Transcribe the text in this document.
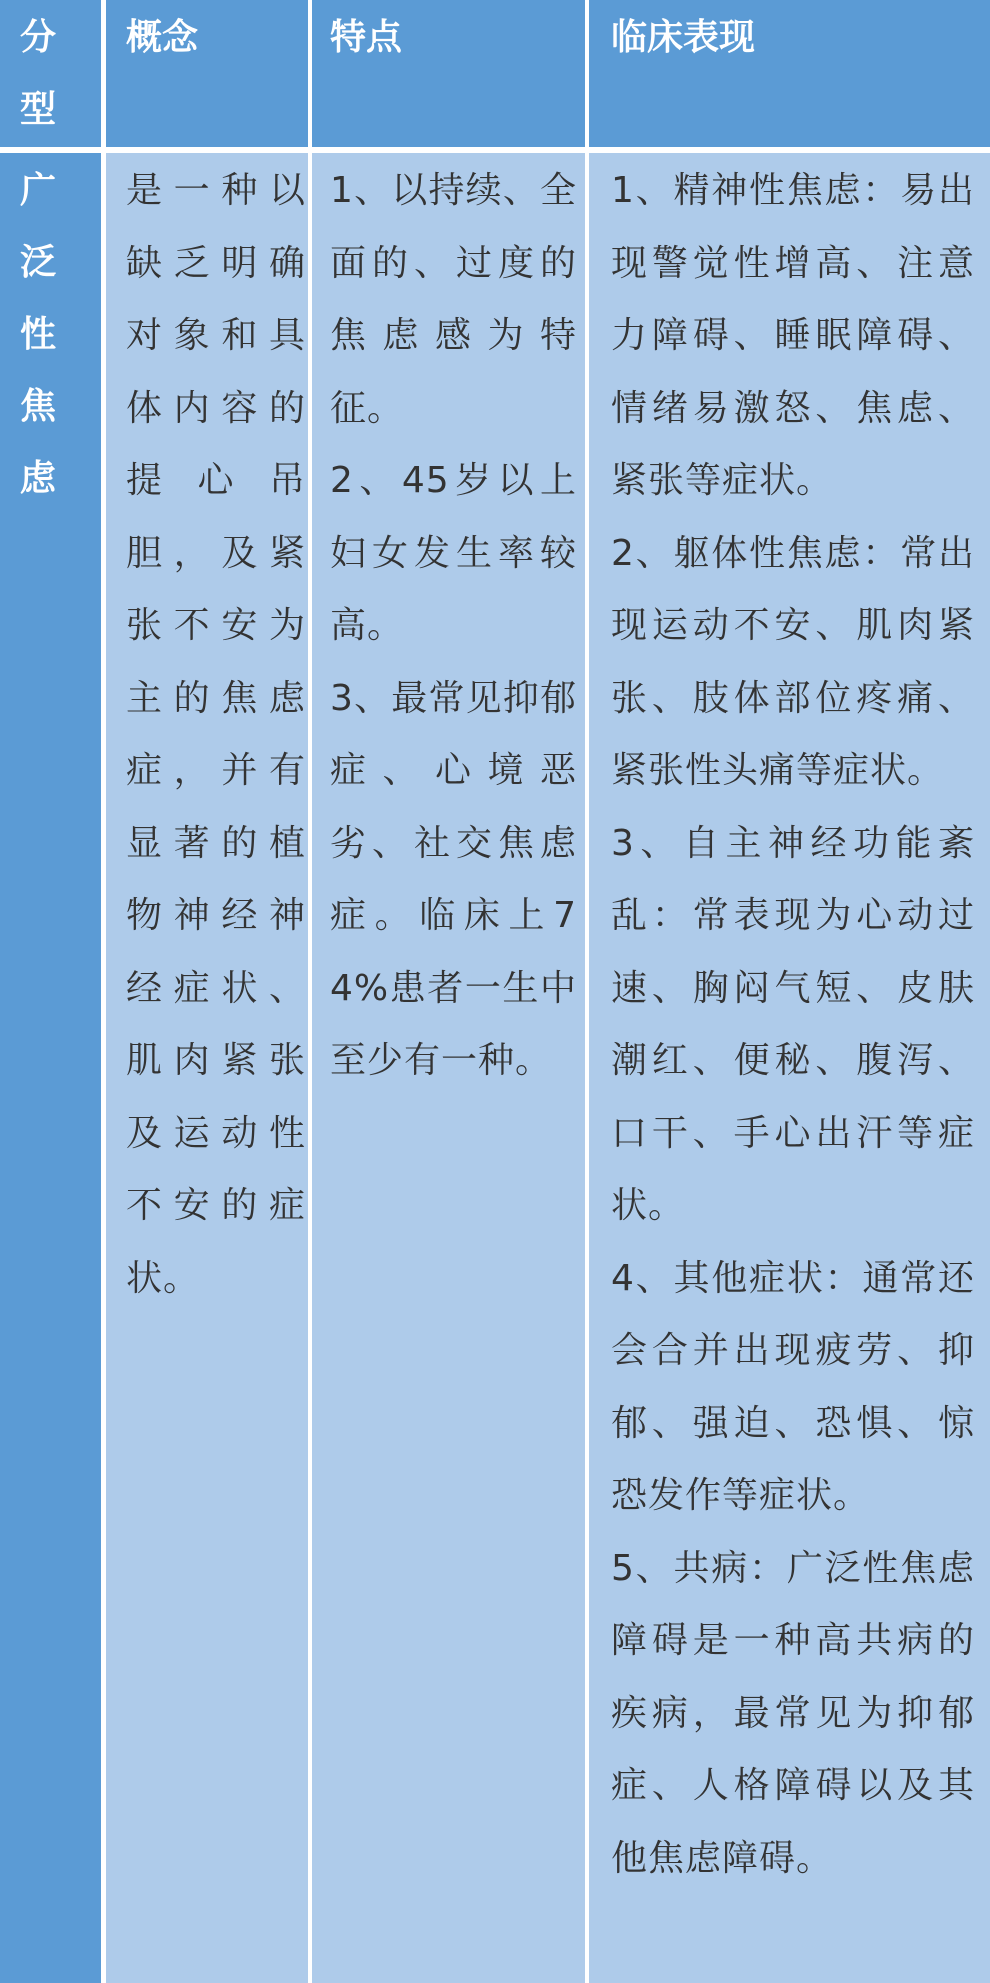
分型
概念	特点	临床表现
广泛性焦虑
是一种以缺乏明确对象和具体内容的提心吊胆，及紧张不安为主的焦虑症，并有显著的植物神经神经症状、肌肉紧张及运动性不安的症状。

1、以持续、全面的、过度的焦虑感为特征。

2、45岁以上妇女发生率较高。

3、最常见抑郁症、心境恶劣、社交焦虑症。临床上74%患者一生中至少有一种。

1、精神性焦虑：易出现警觉性增高、注意力障碍、睡眠障碍、情绪易激怒、焦虑、紧张等症状。

2、躯体性焦虑：常出现运动不安、肌肉紧张、肢体部位疼痛、紧张性头痛等症状。

3、自主神经功能紊乱：常表现为心动过速、胸闷气短、皮肤潮红、便秘、腹泻、口干、手心出汗等症状。

4、其他症状：通常还会合并出现疲劳、抑郁、强迫、恐惧、惊恐发作等症状。

5、共病：广泛性焦虑障碍是一种高共病的疾病，最常见为抑郁症、人格障碍以及其他焦虑障碍。
